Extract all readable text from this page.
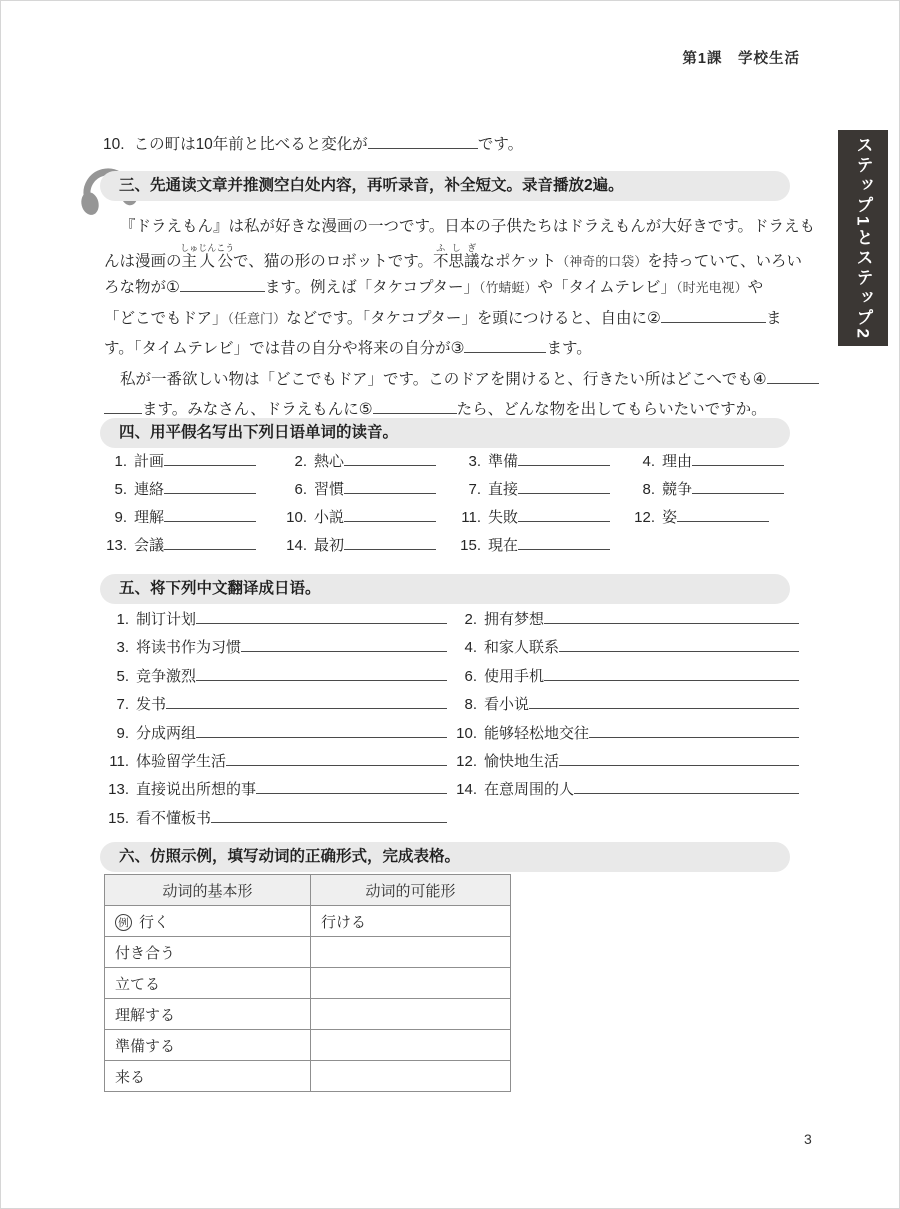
第1課　学校生活
ステップ1とステップ2
10. この町は10年前と比べると変化が	です。
三、先通读文章并推测空白处内容，再听录音，补全短文。录音播放2遍。
『ドラえもん』は私が好きな漫画の一つです。日本の子供たちはドラえもんが大好きです。ドラえも
んは漫画の主人公しゅじんこうで、猫の形のロボットです。不思議ふしぎなポケット（神奇的口袋）を持っていて、いろい
ろな物が①	ます。例えば「タケコプター」（竹蜻蜓）や「タイムテレビ」（时光电视）や
「どこでもドア」（任意门）などです。「タケコプター」を頭につけると、自由に②	ま
す。「タイムテレビ」では昔の自分や将来の自分が③	ます。
私が一番欲しい物は「どこでもドア」です。このドアを開けると、行きたい所はどこへでも④
ます。みなさん、ドラえもんに⑤	たら、どんな物を出してもらいたいですか。
四、用平假名写出下列日语单词的读音。
1. 計画	2. 熱心	3. 準備	4. 理由
5. 連絡	6. 習慣	7. 直接	8. 競争
9. 理解	10. 小説	11. 失敗	12. 姿
13. 会議	14. 最初	15. 現在
五、将下列中文翻译成日语。
1. 制订计划	2. 拥有梦想
3. 将读书作为习惯	4. 和家人联系
5. 竞争激烈	6. 使用手机
7. 发书	8. 看小说
9. 分成两组	10. 能够轻松地交往
11. 体验留学生活	12. 愉快地生活
13. 直接说出所想的事	14. 在意周围的人
15. 看不懂板书
六、仿照示例，填写动词的正确形式，完成表格。
动词的基本形	动词的可能形
例 行く	行ける
付き合う	
立てる	
理解する	
準備する	
来る	
3
